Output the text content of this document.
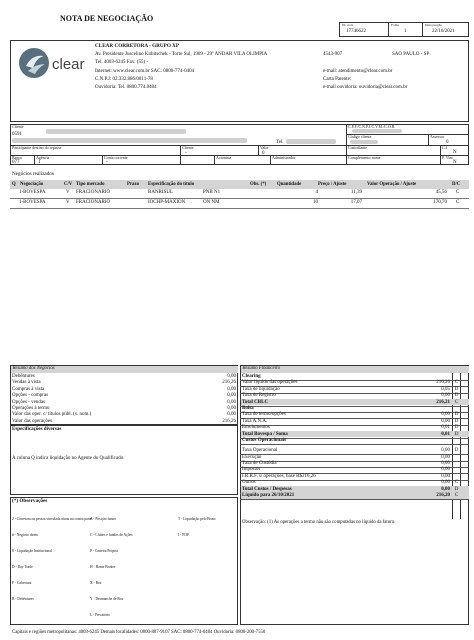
NOTA DE NEGOCIAÇÃO
Nr. nota
17746622
Folha
1
Data pregão
22/10/2021
clear
CLEAR CORRETORA - GRUPO XP
Av. Presidente Juscelino Kubitschek - Torre Sul, 1909 - 29º ANDAR VILA OLIMPIA	4543-907	SAO PAULO - SP
Tel. 4003-6245 Fax: (55) -
Internet: www.clear.com.br SAC: 0800-774-0404	e-mail: atendimento@clear.com.br
C.N.P.J: 02.332.886/0011-78	Carta Patente:
Ouvidoria: Tel. 0800.774.0404	e-mail ouvidoria: ouvidoria@clear.com.br
Cliente
0591
Tel.
C.P.F./C.N.P.J/C.V.M./C.O.B.
Código cliente	Assessor
0
Participante destino do repasse	Cliente
-
Valor
0
Custodiante	C.I
N
Banco
077
Agência
1
Conta corrente
-
Acionista	Administrador	Complemento nome	P. Vinc
N
Negócios realizados
Q Negociação	C/V Tipo mercado	Prazo Especificação do título	Obs. (*) Quantidade	Preço / Ajuste	Valor Operação / Ajuste	D/C
1-BOVESPA	V FRACIONARIO	BANRISUL	PNB N1	4	11,39	45,56 C
1-BOVESPA	V FRACIONARIO	IOCHP-MAXION	ON NM	10	17,07	170,70 C
Resumo dos Negócios
Debêntures	0,00
Vendas à vista	216,26
Compras à vista	0,00
Opções - compras	0,00
Opções - vendas	0,00
Operações à termo	0,00
Valor das oper. c/ títulos públ. (v. nom.)	0,00
Valor das operações	216,26
Especificações diversas
A coluna Q indica liquidação no Agente do Qualificado.
(*) Observações
2 - Corretora ou pessoa vinculada atuou na contra parte.
# - Negócio direto
8 - Liquidação Institucional
D - Day Trade
F - Cobertura
B - Debêntures
A - Posição futuro
C - Clubes e fundos de Ações
P - Carteira Própria
H - Home Broker
X - Box
Y - Desmanche de Box
L - Precatório
T - Liquidação pelo Bruto
I - POP
Resumo Financeiro
Clearing
Valor líquido das operações	216,26 C
Taxa de liquidação	0,05 D
Taxa de Registro	0,00 D
Total CBLC	216,21 C
Bolsa
Taxa de termo/opções	0,00 D
Taxa A.N.A.	0,00 D
Emolumentos	0,01 D
Total Bovespa / Soma	0,01 D
Custos Operacionais
Taxa Operacional	0,00 D
Execução	0,00
Taxa de Custódia	0,00
Impostos	0,00
I.R.R.F. s/ operações, base R$216,26	0,00
Outros	0,00 C
Total Custos / Despesas	0,00 D
Líquido para 26/10/2021	216,20 C
Observação: (1) As operações a termo não são computadas no líquido da fatura.
Capitais e regiões metropolitanas: 4003-6245 Demais localidades: 0800-887-9107 SAC: 0800-774-0404 Ouvidoria: 0800-200-7550
